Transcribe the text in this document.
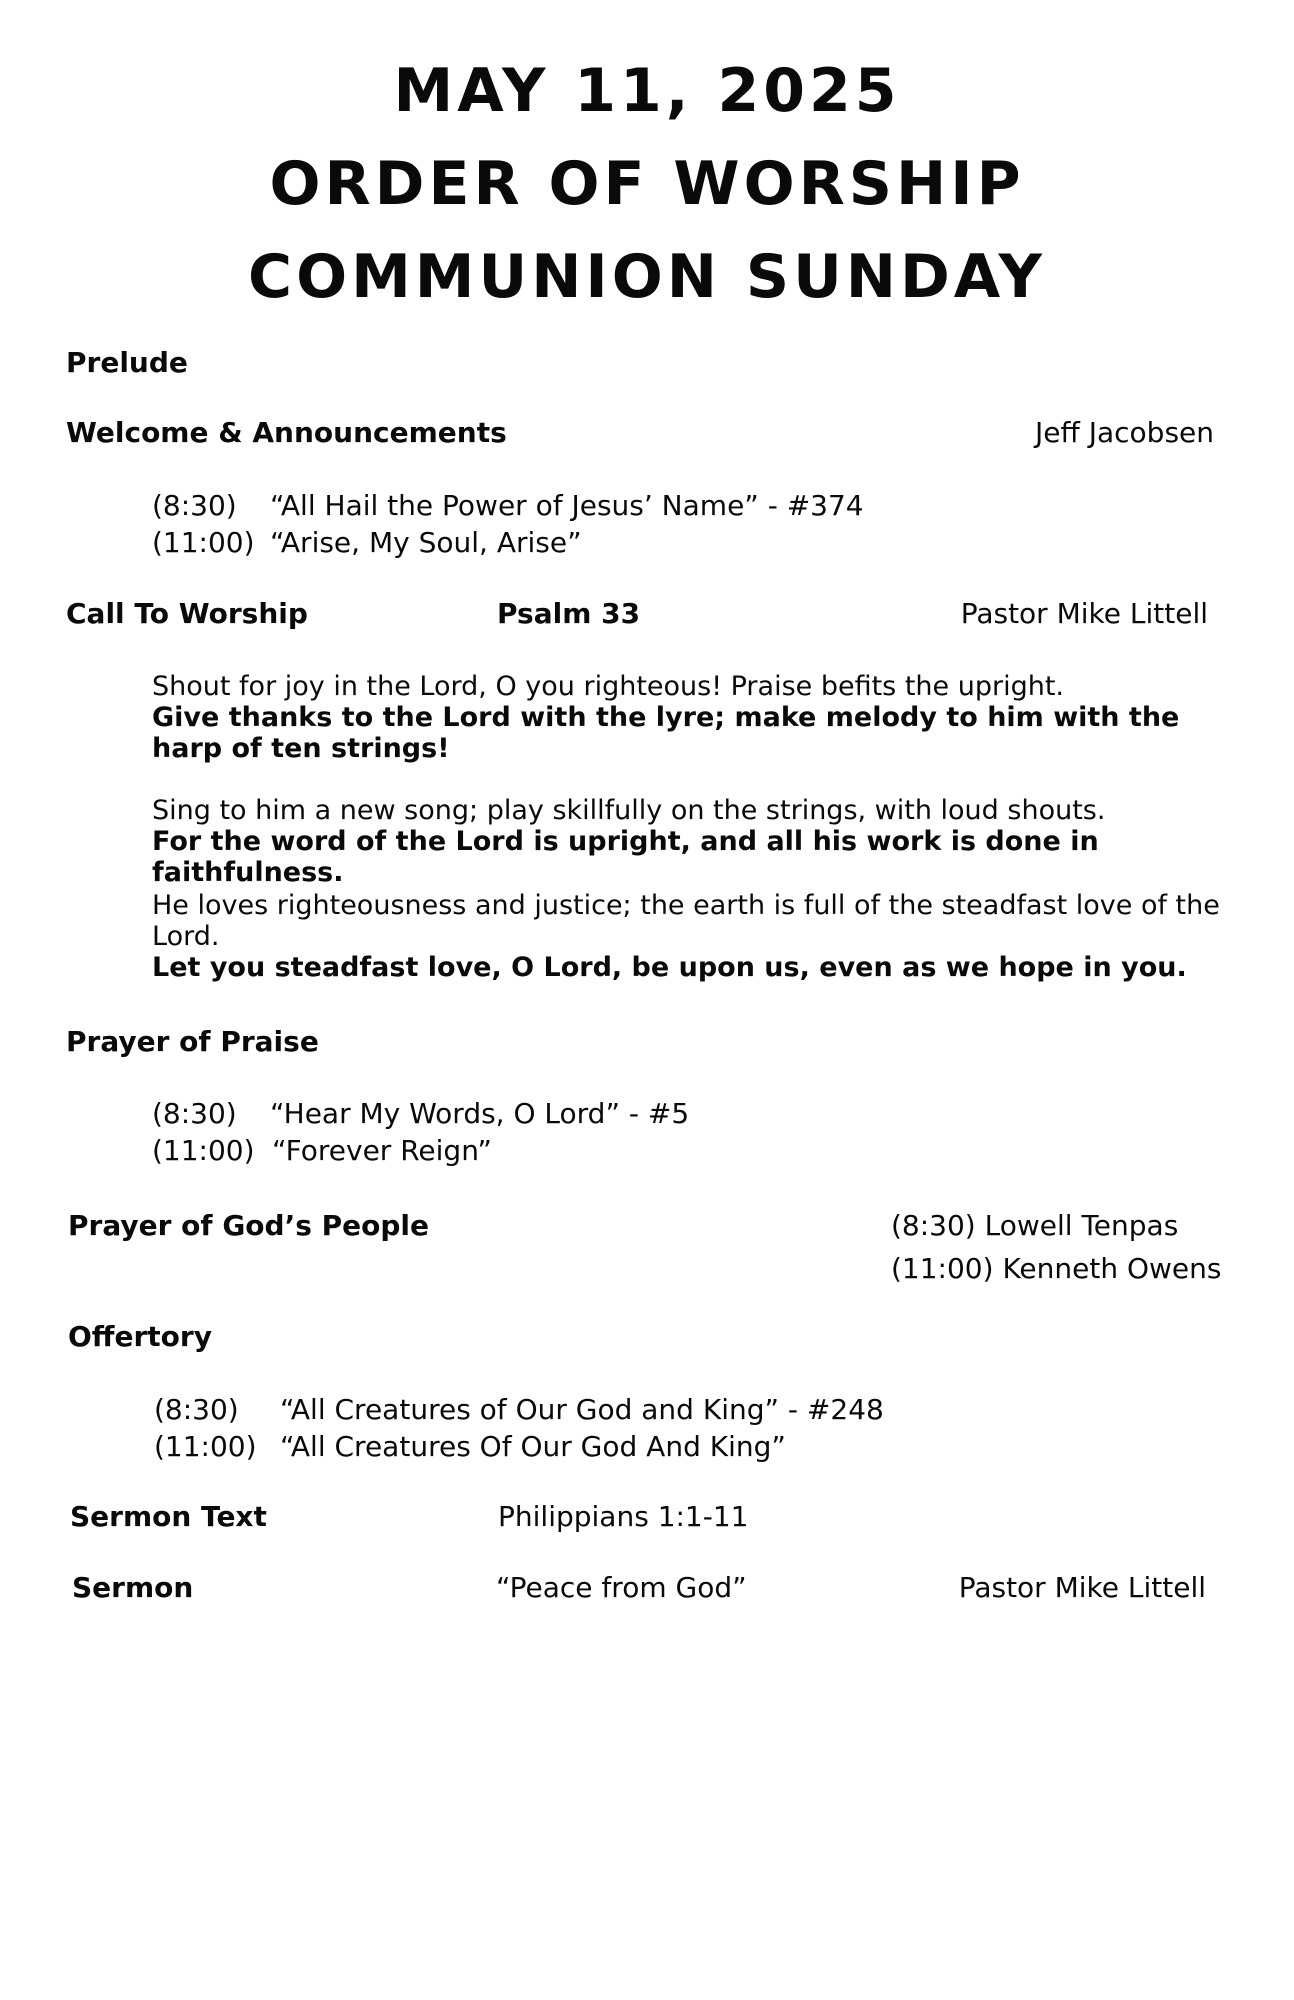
MAY 11, 2025
ORDER OF WORSHIP
COMMUNION SUNDAY
Prelude
Welcome & Announcements	Jeff Jacobsen
(8:30) “All Hail the Power of Jesus’ Name” - #374
(11:00) “Arise, My Soul, Arise”
Call To Worship	Psalm 33	Pastor Mike Littell

Shout for joy in the Lord, O you righteous! Praise befits the upright.

Give thanks to the Lord with the lyre; make melody to him with the harp of ten strings!

Sing to him a new song; play skillfully on the strings, with loud shouts.

For the word of the Lord is upright, and all his work is done in faithfulness.

He loves righteousness and justice; the earth is full of the steadfast love of the Lord.

Let you steadfast love, O Lord, be upon us, even as we hope in you.

Prayer of Praise
(8:30) “Hear My Words, O Lord” - #5
(11:00) “Forever Reign”
Prayer of God’s People	(8:30) Lowell Tenpas
(11:00) Kenneth Owens
Offertory
(8:30) “All Creatures of Our God and King” - #248
(11:00) “All Creatures Of Our God And King”
Sermon Text	Philippians 1:1-11
Sermon	“Peace from God”	Pastor Mike Littell
